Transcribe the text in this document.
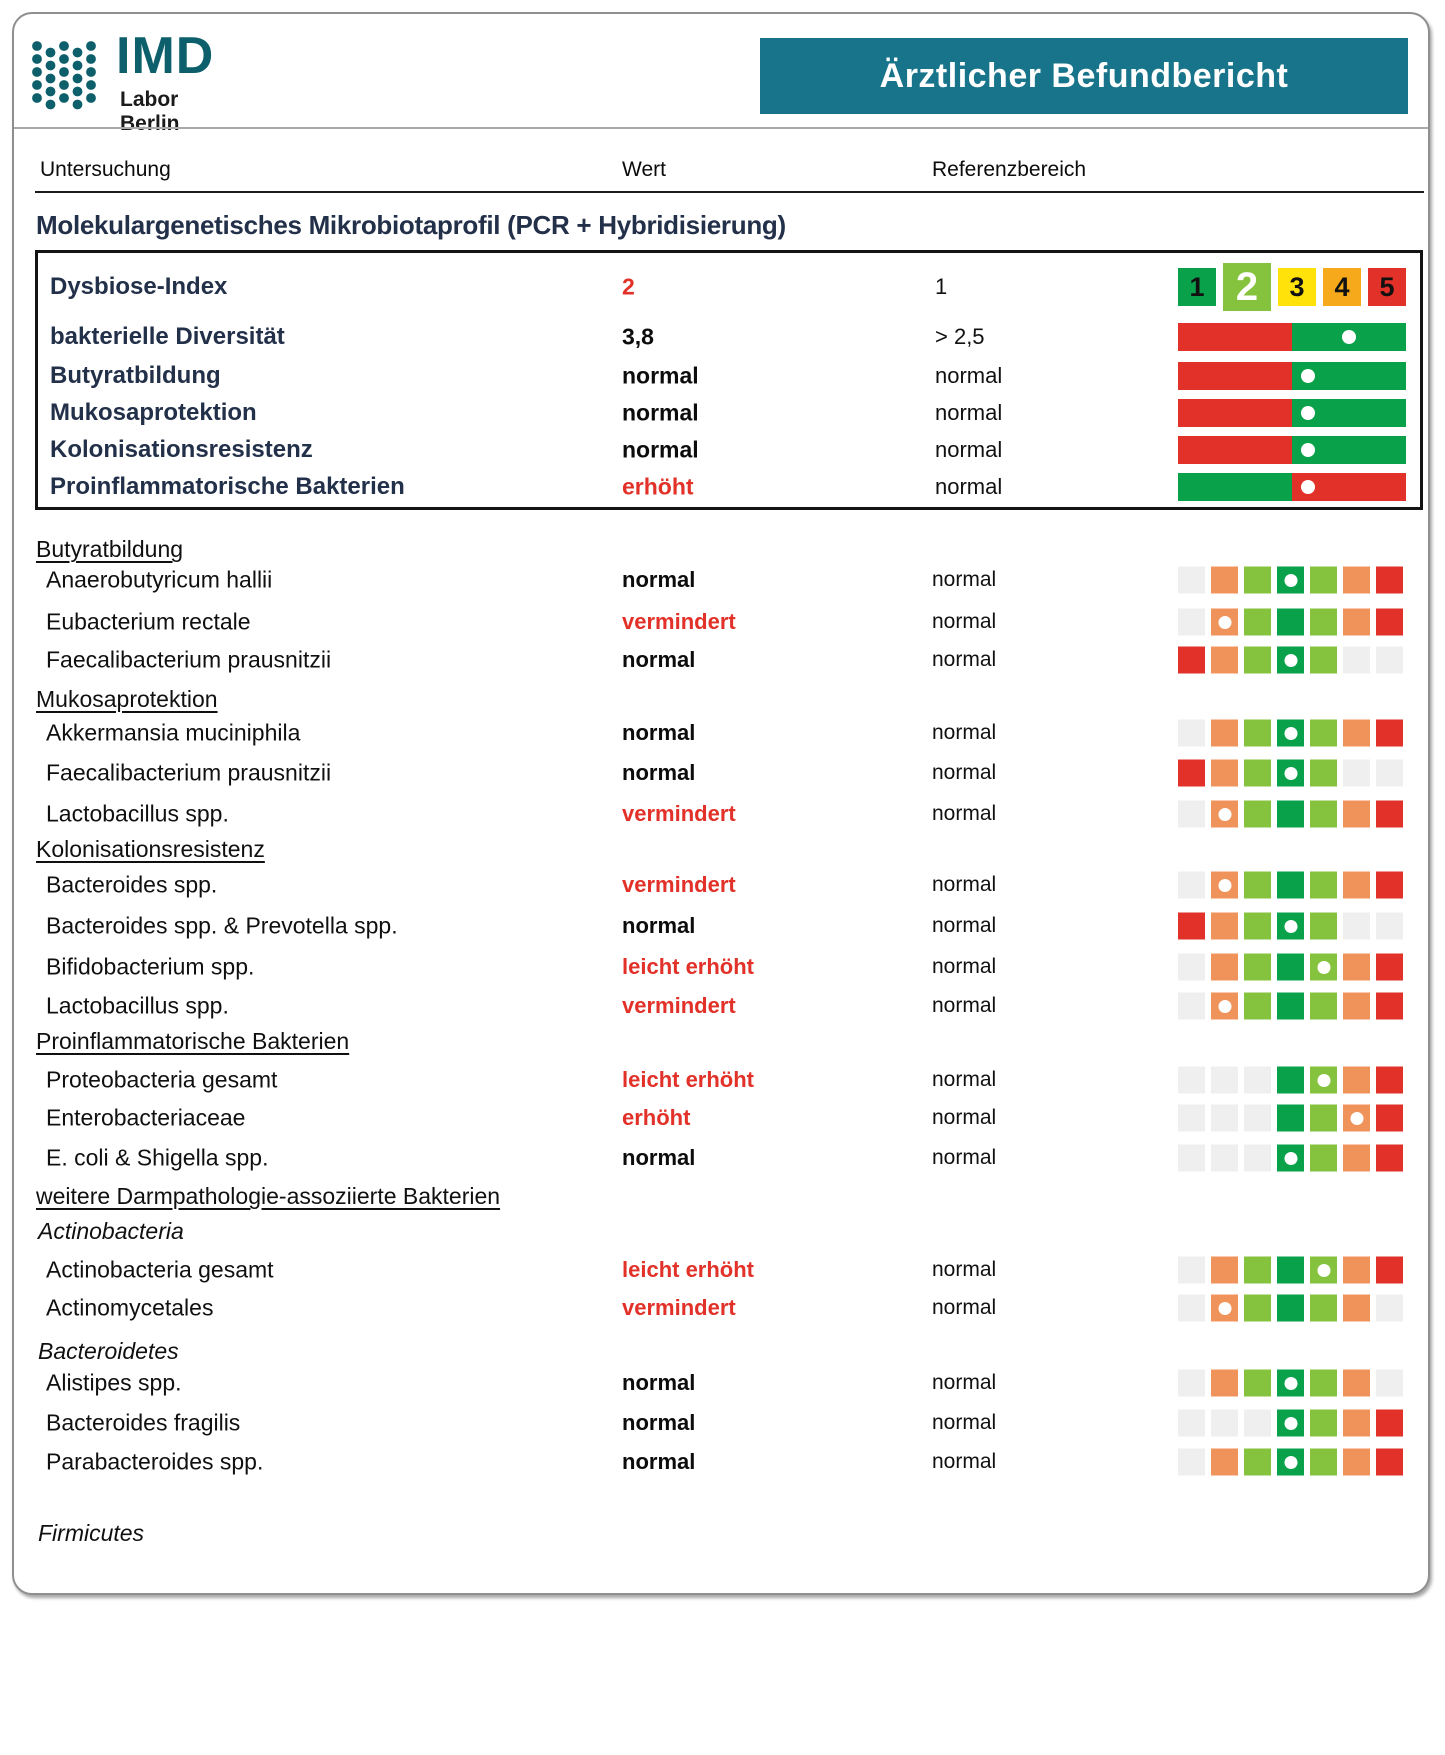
IMD
Labor Berlin
Ärztlicher Befundbericht
Untersuchung	Wert	Referenzbereich
Molekulargenetisches Mikrobiotaprofil (PCR + Hybridisierung)
Dysbiose-Index	2	1	1 2	3	4	5
bakterielle Diversität	3,8	> 2,5
Butyratbildung	normal	normal
Mukosaprotektion	normal	normal
Kolonisationsresistenz	normal	normal
Proinflammatorische Bakterien	erhöht	normal
Butyratbildung
Anaerobutyricum hallii	normal	normal
Eubacterium rectale	vermindert	normal
Faecalibacterium prausnitzii	normal	normal
Mukosaprotektion
Akkermansia muciniphila	normal	normal
Faecalibacterium prausnitzii	normal	normal
Lactobacillus spp.	vermindert	normal
Kolonisationsresistenz
Bacteroides spp.	vermindert	normal
Bacteroides spp. & Prevotella spp.	normal	normal
Bifidobacterium spp.	leicht erhöht	normal
Lactobacillus spp.	vermindert	normal
Proinflammatorische Bakterien
Proteobacteria gesamt	leicht erhöht	normal
Enterobacteriaceae	erhöht	normal
E. coli & Shigella spp.	normal	normal
weitere Darmpathologie-assoziierte Bakterien
Actinobacteria
Actinobacteria gesamt	leicht erhöht	normal
Actinomycetales	vermindert	normal
Bacteroidetes
Alistipes spp.	normal	normal
Bacteroides fragilis	normal	normal
Parabacteroides spp.	normal	normal
Firmicutes
